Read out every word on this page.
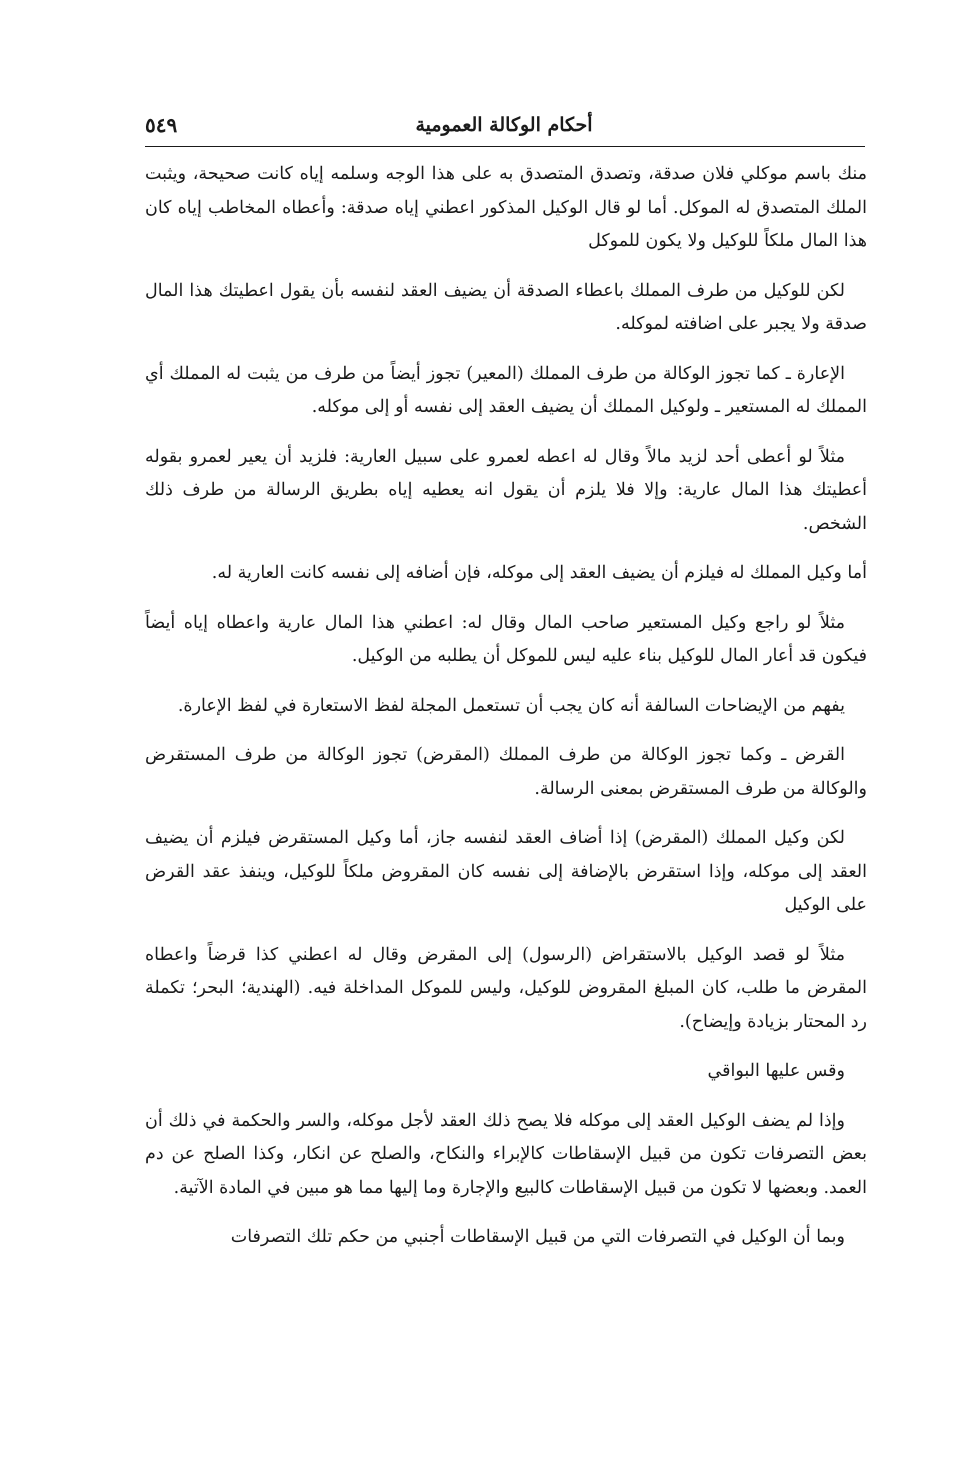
أحكام الوكالة العمومية
٥٤٩

منك باسم موكلي فلان صدقة، وتصدق المتصدق به على هذا الوجه وسلمه إياه كانت صحيحة، ويثبت الملك المتصدق له الموكل. أما لو قال الوكيل المذكور اعطني إياه صدقة: وأعطاه المخاطب إياه كان هذا المال ملكاً للوكيل ولا يكون للموكل

لكن للوكيل من طرف المملك باعطاء الصدقة أن يضيف العقد لنفسه بأن يقول اعطيتك هذا المال صدقة ولا يجبر على اضافته لموكله.

الإعارة ـ كما تجوز الوكالة من طرف المملك (المعير) تجوز أيضاً من طرف من يثبت له المملك أي المملك له المستعير ـ ولوكيل المملك أن يضيف العقد إلى نفسه أو إلى موكله.

مثلاً لو أعطى أحد لزيد مالاً وقال له اعطه لعمرو على سبيل العارية: فلزيد أن يعير لعمرو بقوله أعطيتك هذا المال عارية: وإلا فلا يلزم أن يقول انه يعطيه إياه بطريق الرسالة من طرف ذلك الشخص.

أما وكيل المملك له فيلزم أن يضيف العقد إلى موكله، فإن أضافه إلى نفسه كانت العارية له.

مثلاً لو راجع وكيل المستعير صاحب المال وقال له: اعطني هذا المال عارية واعطاه إياه أيضاً فيكون قد أعار المال للوكيل بناء عليه ليس للموكل أن يطلبه من الوكيل.

يفهم من الإيضاحات السالفة أنه كان يجب أن تستعمل المجلة لفظ الاستعارة في لفظ الإعارة.

القرض ـ وكما تجوز الوكالة من طرف المملك (المقرض) تجوز الوكالة من طرف المستقرض والوكالة من طرف المستقرض بمعنى الرسالة.

لكن وكيل المملك (المقرض) إذا أضاف العقد لنفسه جاز، أما وكيل المستقرض فيلزم أن يضيف العقد إلى موكله، وإذا استقرض بالإضافة إلى نفسه كان المقروض ملكاً للوكيل، وينفذ عقد القرض على الوكيل

مثلاً لو قصد الوكيل بالاستقراض (الرسول) إلى المقرض وقال له اعطني كذا قرضاً واعطاه المقرض ما طلب، كان المبلغ المقروض للوكيل، وليس للموكل المداخلة فيه. (الهندية؛ البحر؛ تكملة رد المحتار بزيادة وإيضاح).

وقس عليها البواقي

وإذا لم يضف الوكيل العقد إلى موكله فلا يصح ذلك العقد لأجل موكله، والسر والحكمة في ذلك أن بعض التصرفات تكون من قبيل الإسقاطات كالإبراء والنكاح، والصلح عن انكار، وكذا الصلح عن دم العمد. وبعضها لا تكون من قبيل الإسقاطات كالبيع والإجارة وما إليها مما هو مبين في المادة الآتية.

وبما أن الوكيل في التصرفات التي من قبيل الإسقاطات أجنبي من حكم تلك التصرفات
